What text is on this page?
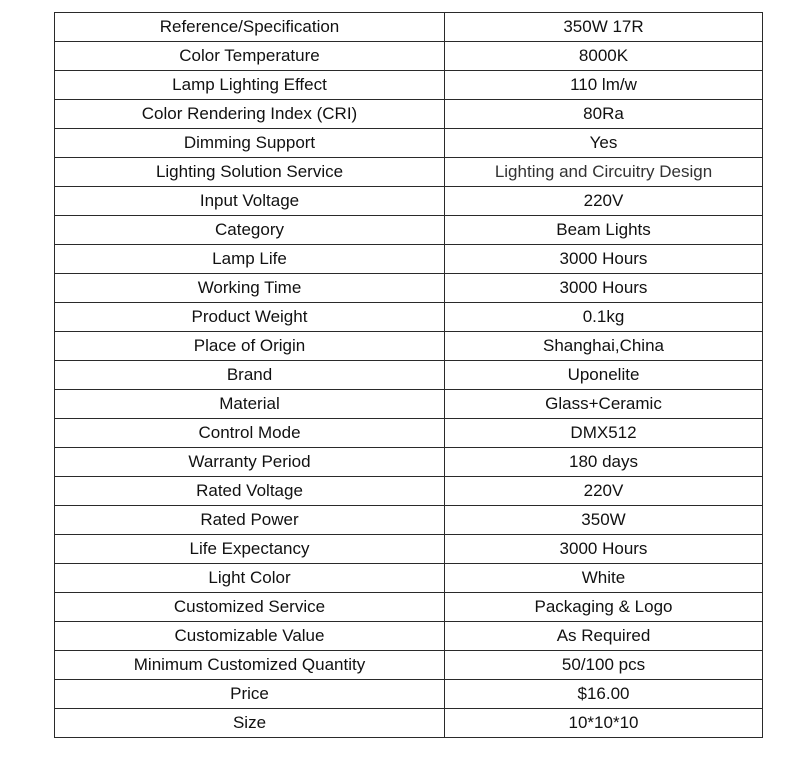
Reference/Specification	350W 17R
Color Temperature	8000K
Lamp Lighting Effect	110 lm/w
Color Rendering Index (CRI)	80Ra
Dimming Support	Yes
Lighting Solution Service	Lighting and Circuitry Design
Input Voltage	220V
Category	Beam Lights
Lamp Life	3000 Hours
Working Time	3000 Hours
Product Weight	0.1kg
Place of Origin	Shanghai,China
Brand	Uponelite
Material	Glass+Ceramic
Control Mode	DMX512
Warranty Period	180 days
Rated Voltage	220V
Rated Power	350W
Life Expectancy	3000 Hours
Light Color	White
Customized Service	Packaging & Logo
Customizable Value	As Required
Minimum Customized Quantity	50/100 pcs
Price	$16.00
Size	10*10*10
